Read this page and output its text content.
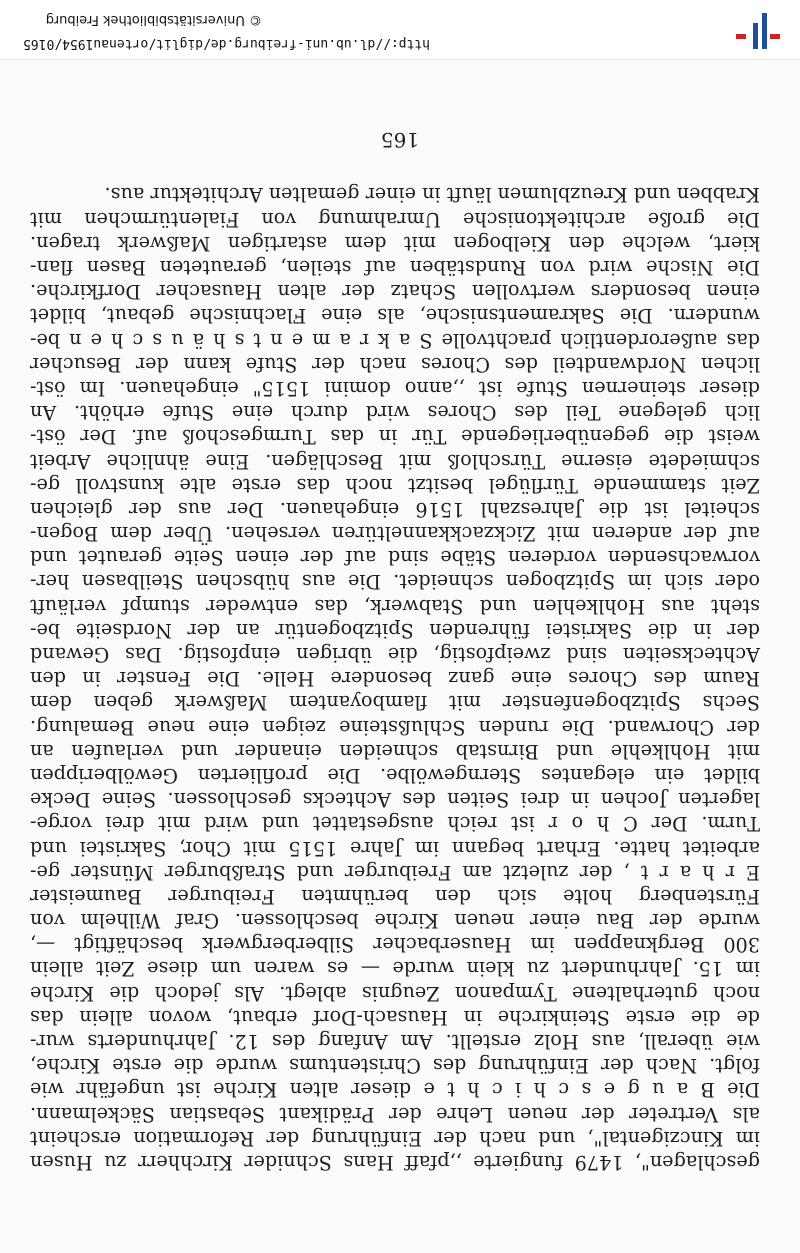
geschlagen", 1479 fungierte ,,pfaff Hans Schnider Kirchherr zu Husen
im Kinczigental", und nach der Einführung der Reformation erscheint
als Vertreter der neuen Lehre der Prädikant Sebastian Säckelmann.
Die B a u g e s c h i c h t e dieser alten Kirche ist ungefähr wie
folgt. Nach der Einführung des Christentums wurde die erste Kirche,
wie überall, aus Holz erstellt. Am Anfang des 12. Jahrhunderts wur-
de die erste Steinkirche in Hausach-Dorf erbaut, wovon allein das
noch guterhaltene Tympanon Zeugnis ablegt. Als jedoch die Kirche
im 15. Jahrhundert zu klein wurde — es waren um diese Zeit allein
300 Bergknappen im Hauserbacher Silberbergwerk beschäftigt —,
wurde der Bau einer neuen Kirche beschlossen. Graf Wilhelm von
Fürstenberg holte sich den berühmten Freiburger Baumeister
E r h a r t , der zuletzt am Freiburger und Straßburger Münster ge-
arbeitet hatte. Erhart begann im Jahre 1515 mit Chor, Sakristei und
Turm. Der C h o r ist reich ausgestattet und wird mit drei vorge-
lagerten Jochen in drei Seiten des Achtecks geschlossen. Seine Decke
bildet ein elegantes Sterngewölbe. Die profilierten Gewölberippen
mit Hohlkehle und Birnstab schneiden einander und verlaufen an
der Chorwand. Die runden Schlußsteine zeigen eine neue Bemalung.
Sechs Spitzbogenfenster mit flamboyantem Maßwerk geben dem
Raum des Chores eine ganz besondere Helle. Die Fenster in den
Achteckseiten sind zweipfostig, die übrigen einpfostig. Das Gewand
der in die Sakristei führenden Spitzbogentür an der Nordseite be-
steht aus Hohlkehlen und Stabwerk, das entweder stumpf verläuft
oder sich im Spitzbogen schneidet. Die aus hübschen Steilbasen her-
vorwachsenden vorderen Stäbe sind auf der einen Seite gerautet und
auf der anderen mit Zickzackkanneltüren versehen. Über dem Bogen-
scheitel ist die Jahreszahl 1516 eingehauen. Der aus der gleichen
Zeit stammende Türflügel besitzt noch das erste alte kunstvoll ge-
schmiedete eiserne Türschloß mit Beschlägen. Eine ähnliche Arbeit
weist die gegenüberliegende Tür in das Turmgeschoß auf. Der öst-
lich gelegene Teil des Chores wird durch eine Stufe erhöht. An
dieser steinernen Stufe ist ,,anno domini 1515" eingehauen. Im öst-
lichen Nordwandteil des Chores nach der Stufe kann der Besucher
das außerordentlich prachtvolle S a k r a m e n t s h ä u s c h e n be-
wundern. Die Sakramentsnische, als eine Flachnische gebaut, bildet
einen besonders wertvollen Schatz der alten Hausacher Dorfkirche.
Die Nische wird von Rundstäben auf steilen, gerauteten Basen flan-
kiert, welche den Kielbogen mit dem astartigen Maßwerk tragen.
Die große architektonische Umrahmung von Fialentürmchen mit
Krabben und Kreuzblumen läuft in einer gemalten Architektur aus.
165
http://dl.ub.uni-freiburg.de/diglit/ortenau1954/0165
© Universitätsbibliothek Freiburg
